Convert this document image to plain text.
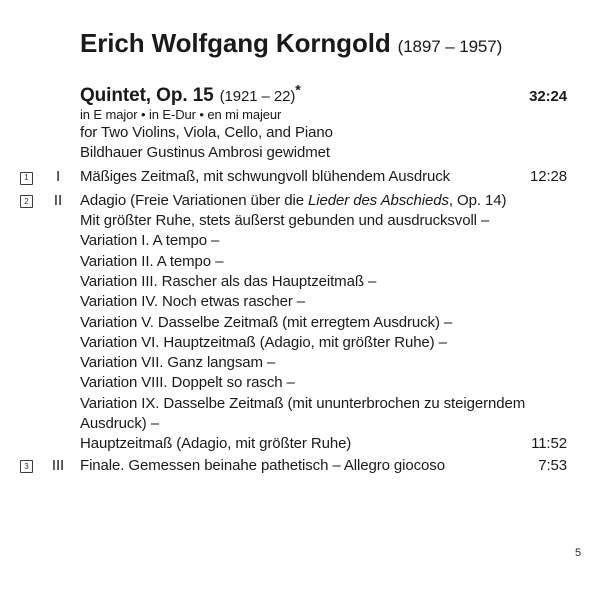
Erich Wolfgang Korngold (1897 – 1957)
Quintet, Op. 15 (1921 – 22)*	32:24
in E major • in E-Dur • en mi majeur
for Two Violins, Viola, Cello, and Piano
Bildhauer Gustinus Ambrosi gewidmet
1	I	Mäßiges Zeitmaß, mit schwungvoll blühendem Ausdruck	12:28
2	II	Adagio (Freie Variationen über die Lieder des Abschieds, Op. 14)
Mit größter Ruhe, stets äußerst gebunden und ausdrucksvoll –
Variation I. A tempo –
Variation II. A tempo –
Variation III. Rascher als das Hauptzeitmaß –
Variation IV. Noch etwas rascher –
Variation V. Dasselbe Zeitmaß (mit erregtem Ausdruck) –
Variation VI. Hauptzeitmaß (Adagio, mit größter Ruhe) –
Variation VII. Ganz langsam –
Variation VIII. Doppelt so rasch –
Variation IX. Dasselbe Zeitmaß (mit ununterbrochen zu steigerndem
Ausdruck) –
Hauptzeitmaß (Adagio, mit größter Ruhe)	11:52
3	III	Finale. Gemessen beinahe pathetisch – Allegro giocoso	7:53
5
